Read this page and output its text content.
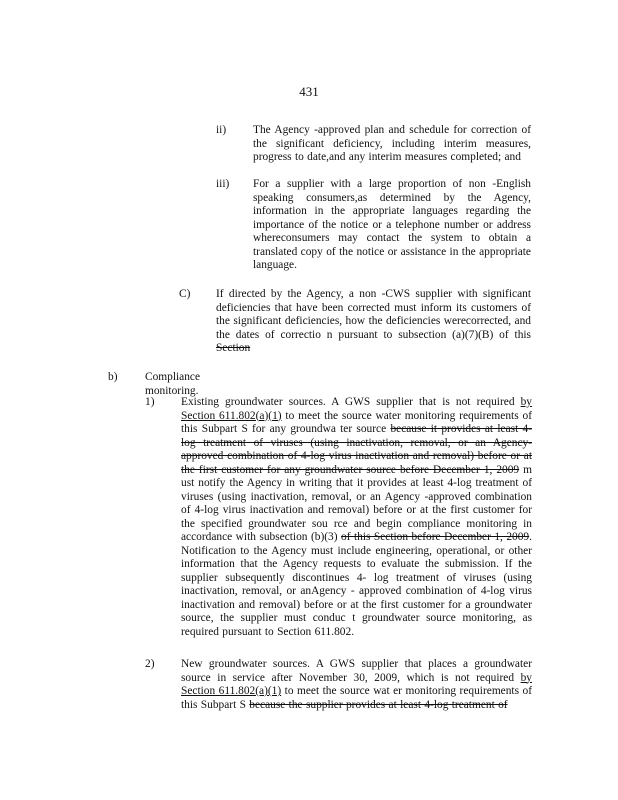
431
ii) The Agency -approved plan and schedule for correction of the significant deficiency, including interim measures, progress to date,and any interim measures completed; and
iii) For a supplier with a large proportion of non -English speaking consumers,as determined by the Agency, information in the appropriate languages regarding the importance of the notice or a telephone number or address whereconsumers may contact the system to obtain a translated copy of the notice or assistance in the appropriate language.
C) If directed by the Agency, a non -CWS supplier with significant deficiencies that have been corrected must inform its customers of the significant deficiencies, how the deficiencies werecorrected, and the dates of correctio n pursuant to subsection (a)(7)(B) of this Section
b) Compliance monitoring.
1) Existing groundwater sources. A GWS supplier that is not required by Section 611.802(a)(1) to meet the source water monitoring requirements of this Subpart S for any groundwa ter source because it provides at least 4-log treatment of viruses (using inactivation, removal, or an Agency-approved combination of 4-log virus inactivation and removal) before or at the first customer for any groundwater source before December 1, 2009 m ust notify the Agency in writing that it provides at least 4-log treatment of viruses (using inactivation, removal, or an Agency -approved combination of 4-log virus inactivation and removal) before or at the first customer for the specified groundwater sou rce and begin compliance monitoring in accordance with subsection (b)(3) of this Section before December 1, 2009. Notification to the Agency must include engineering, operational, or other information that the Agency requests to evaluate the submission. If the supplier subsequently discontinues 4- log treatment of viruses (using inactivation, removal, or anAgency - approved combination of 4-log virus inactivation and removal) before or at the first customer for a groundwater source, the supplier must conduc t groundwater source monitoring, as required pursuant to Section 611.802.
2) New groundwater sources. A GWS supplier that places a groundwater source in service after November 30, 2009, which is not required by Section 611.802(a)(1) to meet the source wat er monitoring requirements of this Subpart S because the supplier provides at least 4-log treatment of
